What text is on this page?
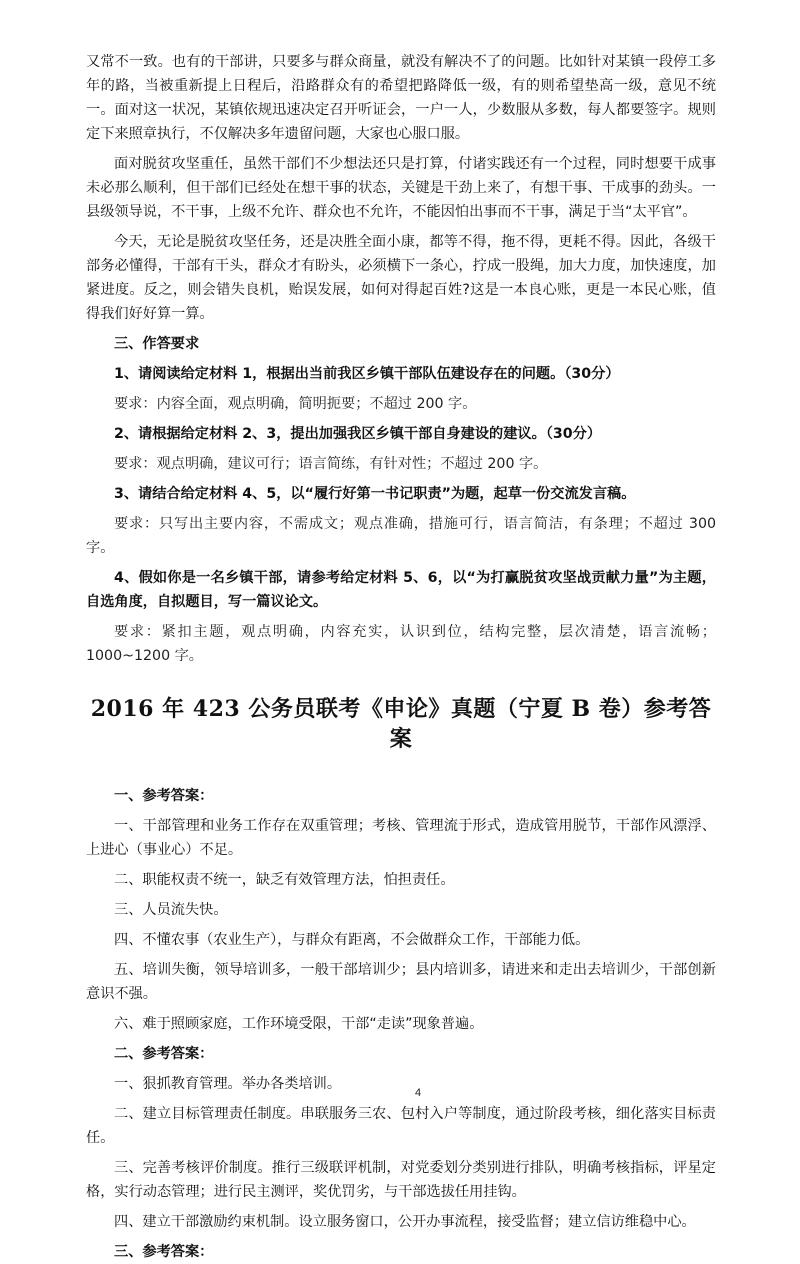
又常不一致。也有的干部讲，只要多与群众商量，就没有解决不了的问题。比如针对某镇一段停工多年的路，当被重新提上日程后，沿路群众有的希望把路降低一级，有的则希望垫高一级，意见不统一。面对这一状况，某镇依规迅速决定召开听证会，一户一人，少数服从多数，每人都要签字。规则定下来照章执行，不仅解决多年遗留问题，大家也心服口服。

面对脱贫攻坚重任，虽然干部们不少想法还只是打算，付诸实践还有一个过程，同时想要干成事未必那么顺利，但干部们已经处在想干事的状态，关键是干劲上来了，有想干事、干成事的劲头。一县级领导说，不干事，上级不允许、群众也不允许，不能因怕出事而不干事，满足于当“太平官”。

今天，无论是脱贫攻坚任务，还是决胜全面小康，都等不得，拖不得，更耗不得。因此，各级干部务必懂得，干部有干头，群众才有盼头，必须横下一条心，拧成一股绳，加大力度，加快速度，加紧进度。反之，则会错失良机，贻误发展，如何对得起百姓?这是一本良心账，更是一本民心账，值得我们好好算一算。

三、作答要求

1、请阅读给定材料 1，根据出当前我区乡镇干部队伍建设存在的问题。（30分）

要求：内容全面，观点明确，简明扼要；不超过 200 字。

2、请根据给定材料 2、3，提出加强我区乡镇干部自身建设的建议。（30分）

要求：观点明确，建议可行；语言简练，有针对性；不超过 200 字。

3、请结合给定材料 4、5，以“履行好第一书记职责”为题，起草一份交流发言稿。

要求：只写出主要内容，不需成文；观点准确，措施可行，语言简洁，有条理；不超过 300 字。

4、假如你是一名乡镇干部，请参考给定材料 5、6，以“为打赢脱贫攻坚战贡献力量”为主题，自选角度，自拟题目，写一篇议论文。

要求：紧扣主题，观点明确，内容充实，认识到位，结构完整，层次清楚，语言流畅；1000~1200 字。

2016 年 423 公务员联考《申论》真题（宁夏 B 卷）参考答案

一、参考答案：

一、干部管理和业务工作存在双重管理；考核、管理流于形式，造成管用脱节，干部作风漂浮、上进心（事业心）不足。

二、职能权责不统一，缺乏有效管理方法，怕担责任。

三、人员流失快。

四、不懂农事（农业生产），与群众有距离，不会做群众工作，干部能力低。

五、培训失衡，领导培训多，一般干部培训少；县内培训多，请进来和走出去培训少，干部创新意识不强。

六、难于照顾家庭，工作环境受限，干部“走读”现象普遍。

二、参考答案：

一、狠抓教育管理。举办各类培训。

二、建立目标管理责任制度。串联服务三农、包村入户等制度，通过阶段考核，细化落实目标责任。

三、完善考核评价制度。推行三级联评机制，对党委划分类别进行排队，明确考核指标，评星定格，实行动态管理；进行民主测评，奖优罚劣，与干部选拔任用挂钩。

四、建立干部激励约束机制。设立服务窗口，公开办事流程，接受监督；建立信访维稳中心。

三、参考答案：

4
